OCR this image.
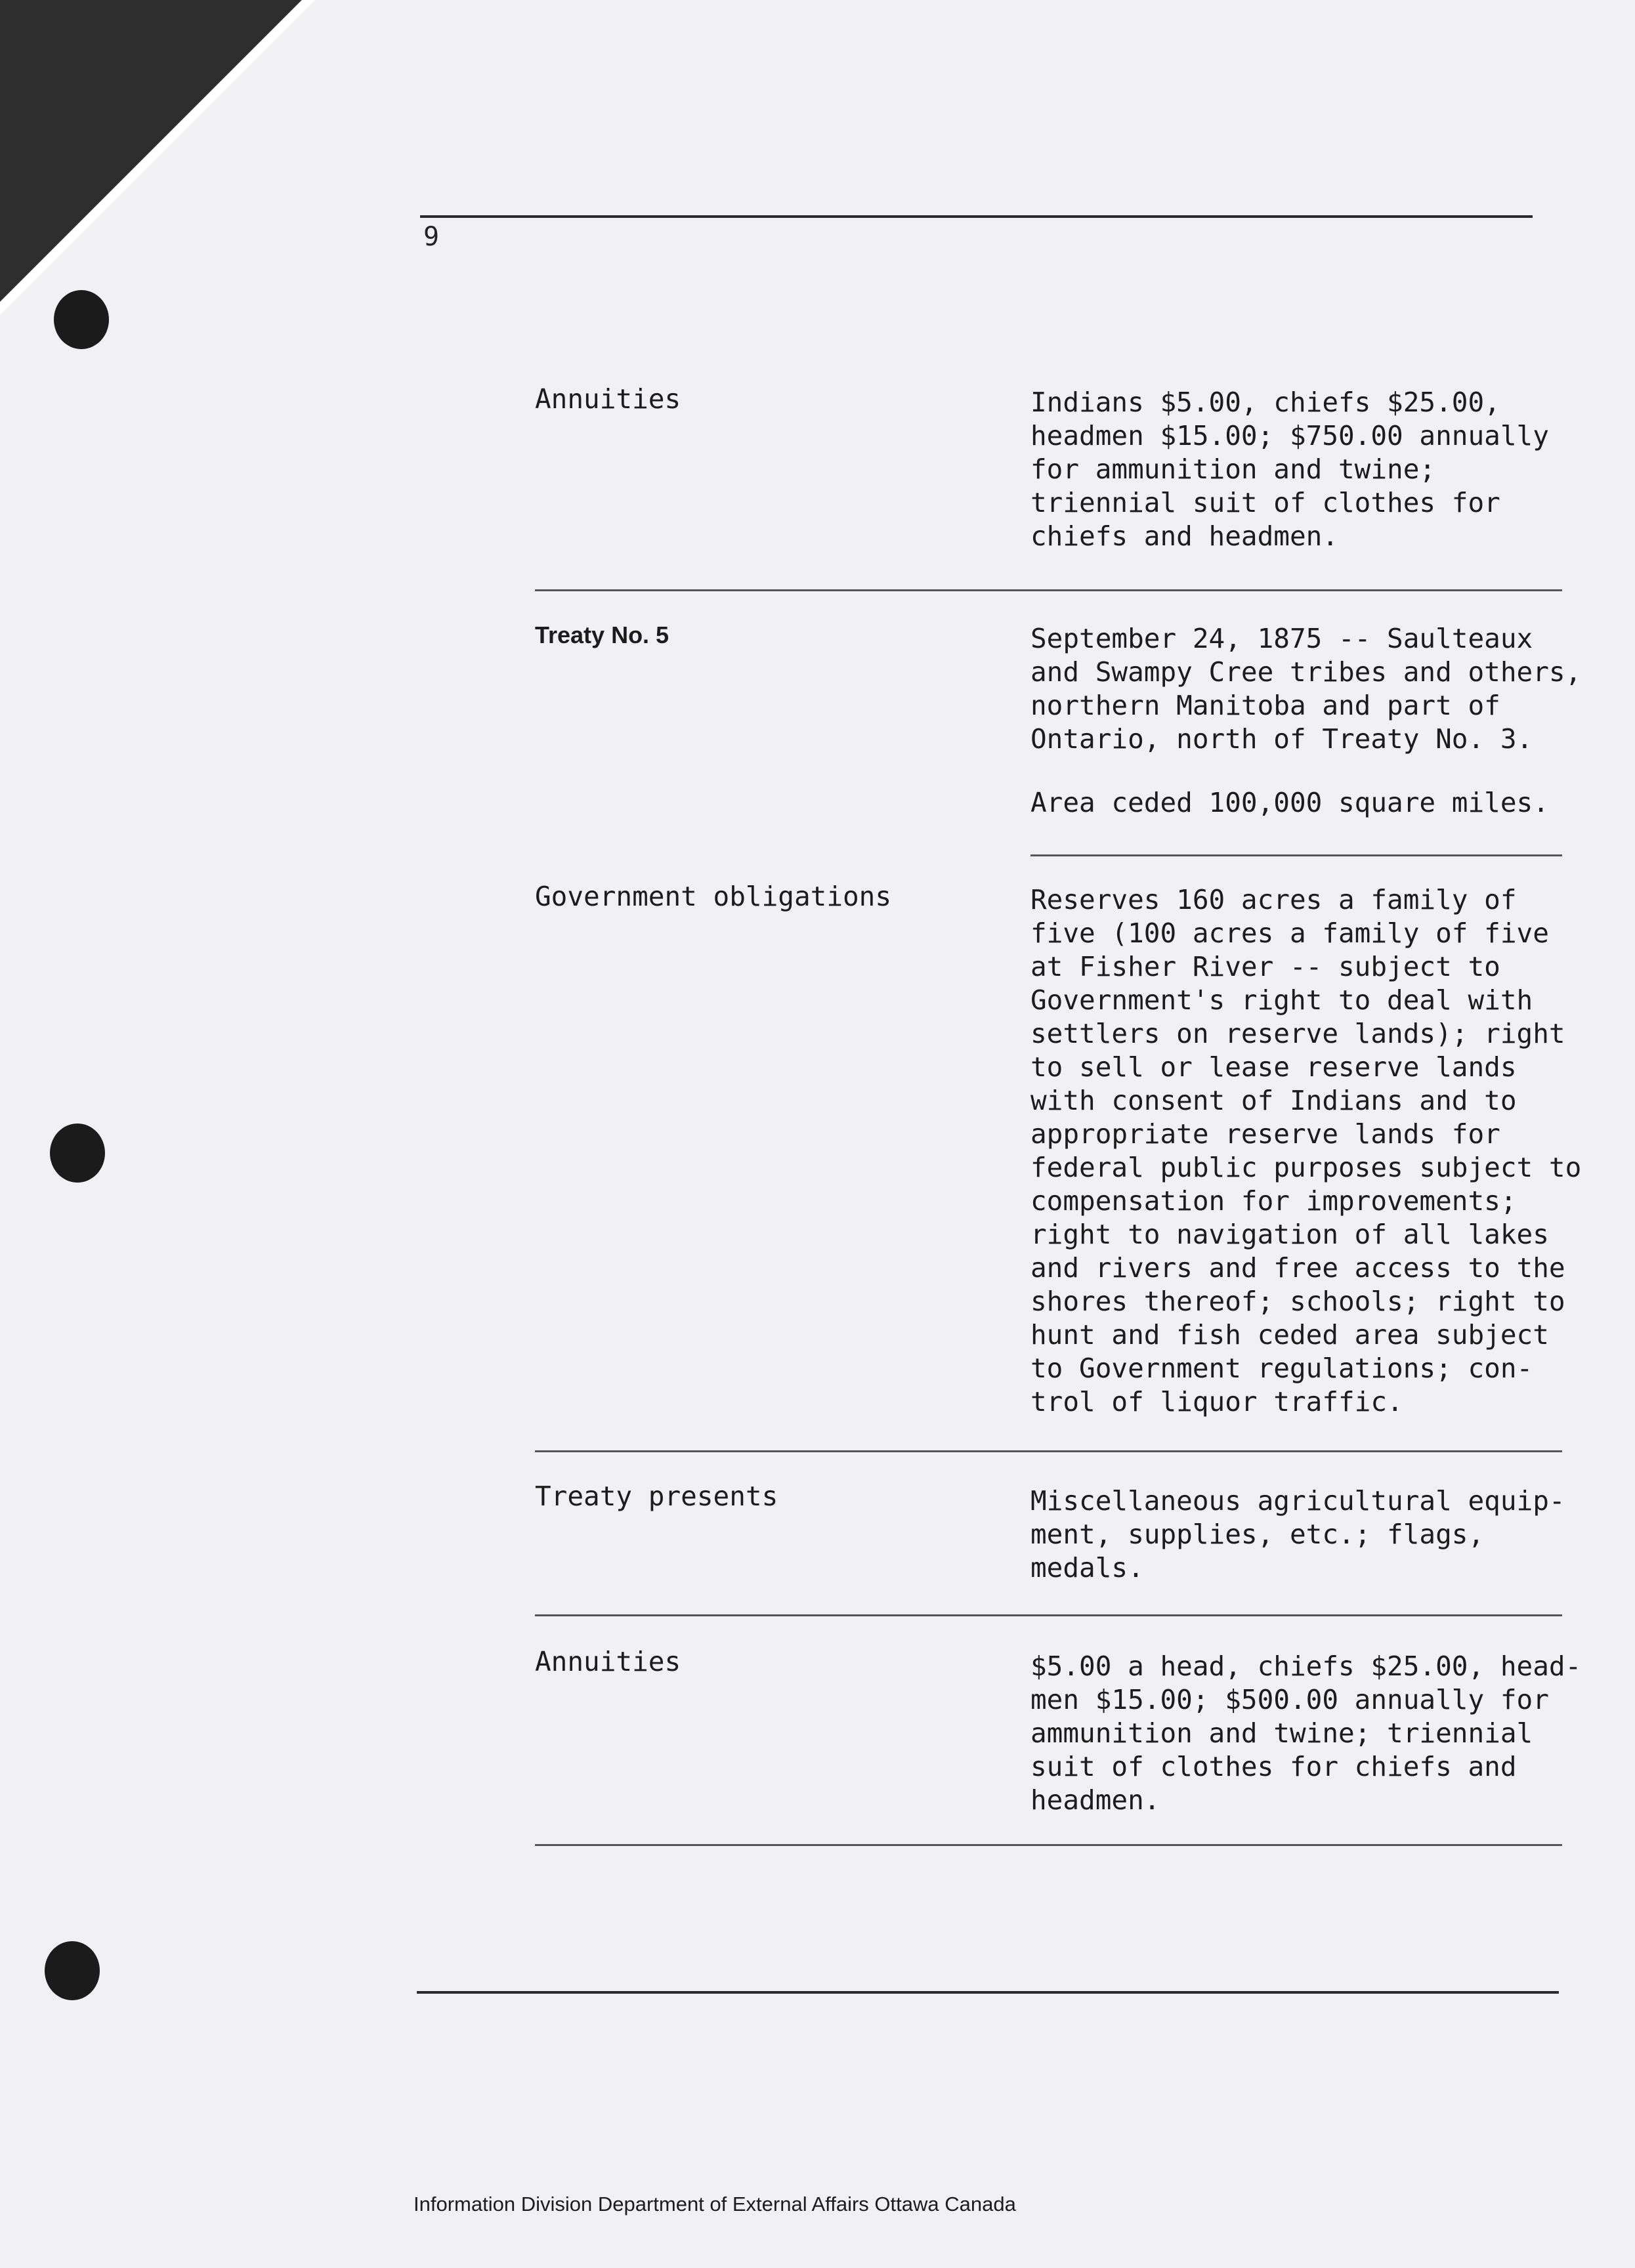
9
Annuities	Indians $5.00, chiefs $25.00,
headmen $15.00; $750.00 annually
for ammunition and twine;
triennial suit of clothes for
chiefs and headmen.
Treaty No. 5	September 24, 1875 -- Saulteaux
and Swampy Cree tribes and others,
northern Manitoba and part of
Ontario, north of Treaty No. 3.
Area ceded 100,000 square miles.
Government obligations	Reserves 160 acres a family of
five (100 acres a family of five
at Fisher River -- subject to
Government's right to deal with
settlers on reserve lands); right
to sell or lease reserve lands
with consent of Indians and to
appropriate reserve lands for
federal public purposes subject to
compensation for improvements;
right to navigation of all lakes
and rivers and free access to the
shores thereof; schools; right to
hunt and fish ceded area subject
to Government regulations; con-
trol of liquor traffic.
Treaty presents	Miscellaneous agricultural equip-
ment, supplies, etc.; flags,
medals.
Annuities	$5.00 a head, chiefs $25.00, head-
men $15.00; $500.00 annually for
ammunition and twine; triennial
suit of clothes for chiefs and
headmen.
Information Division Department of External Affairs Ottawa Canada
